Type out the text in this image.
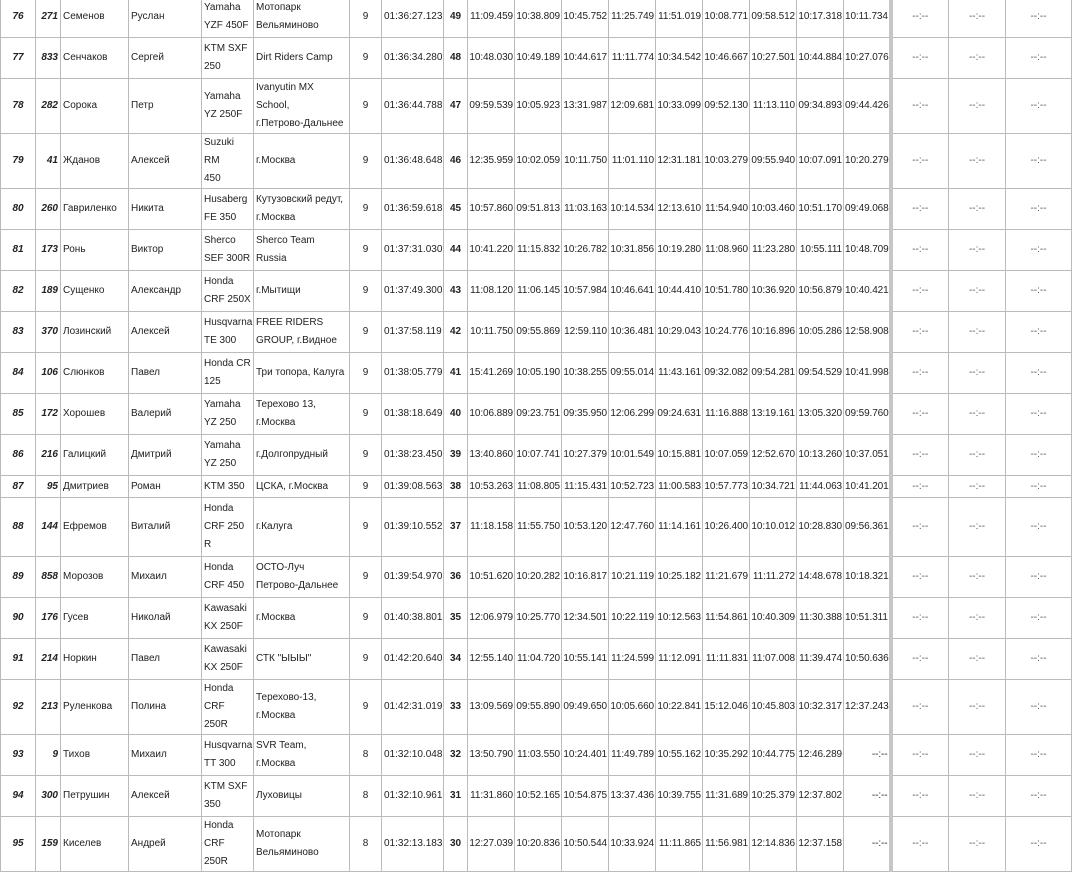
76	271	Семенов	Руслан	Yamaha
YZF 450F	Мотопарк
Вельяминово	9	01:36:27.123	49	11:09.459	10:38.809	10:45.752	11:25.749	11:51.019	10:08.771	09:58.512	10:17.318	10:11.734	--:--	--:--	--:--
77	833	Сенчаков	Сергей	KTM SXF
250	Dirt Riders Camp	9	01:36:34.280	48	10:48.030	10:49.189	10:44.617	11:11.774	10:34.542	10:46.667	10:27.501	10:44.884	10:27.076	--:--	--:--	--:--
78	282	Сорока	Петр	Yamaha
YZ 250F	Ivanyutin MX School,
г.Петрово-Дальнее	9	01:36:44.788	47	09:59.539	10:05.923	13:31.987	12:09.681	10:33.099	09:52.130	11:13.110	09:34.893	09:44.426	--:--	--:--	--:--
79	41	Жданов	Алексей	Suzuki RM
450	г.Москва	9	01:36:48.648	46	12:35.959	10:02.059	10:11.750	11:01.110	12:31.181	10:03.279	09:55.940	10:07.091	10:20.279	--:--	--:--	--:--
80	260	Гавриленко	Никита	Husaberg
FE 350	Кутузовский редут,
г.Москва	9	01:36:59.618	45	10:57.860	09:51.813	11:03.163	10:14.534	12:13.610	11:54.940	10:03.460	10:51.170	09:49.068	--:--	--:--	--:--
81	173	Ронь	Виктор	Sherco
SEF 300R	Sherco Team Russia	9	01:37:31.030	44	10:41.220	11:15.832	10:26.782	10:31.856	10:19.280	11:08.960	11:23.280	10:55.111	10:48.709	--:--	--:--	--:--
82	189	Сущенко	Александр	Honda
CRF 250X	г.Мытищи	9	01:37:49.300	43	11:08.120	11:06.145	10:57.984	10:46.641	10:44.410	10:51.780	10:36.920	10:56.879	10:40.421	--:--	--:--	--:--
83	370	Лозинский	Алексей	Husqvarna
TE 300	FREE RIDERS
GROUP, г.Видное	9	01:37:58.119	42	10:11.750	09:55.869	12:59.110	10:36.481	10:29.043	10:24.776	10:16.896	10:05.286	12:58.908	--:--	--:--	--:--
84	106	Слюнков	Павел	Honda CR
125	Три топора, Калуга	9	01:38:05.779	41	15:41.269	10:05.190	10:38.255	09:55.014	11:43.161	09:32.082	09:54.281	09:54.529	10:41.998	--:--	--:--	--:--
85	172	Хорошев	Валерий	Yamaha
YZ 250	Терехово 13,
г.Москва	9	01:38:18.649	40	10:06.889	09:23.751	09:35.950	12:06.299	09:24.631	11:16.888	13:19.161	13:05.320	09:59.760	--:--	--:--	--:--
86	216	Галицкий	Дмитрий	Yamaha
YZ 250	г.Долгопрудный	9	01:38:23.450	39	13:40.860	10:07.741	10:27.379	10:01.549	10:15.881	10:07.059	12:52.670	10:13.260	10:37.051	--:--	--:--	--:--
87	95	Дмитриев	Роман	KTM 350	ЦСКА, г.Москва	9	01:39:08.563	38	10:53.263	11:08.805	11:15.431	10:52.723	11:00.583	10:57.773	10:34.721	11:44.063	10:41.201	--:--	--:--	--:--
88	144	Ефремов	Виталий	Honda
CRF 250
R	г.Калуга	9	01:39:10.552	37	11:18.158	11:55.750	10:53.120	12:47.760	11:14.161	10:26.400	10:10.012	10:28.830	09:56.361	--:--	--:--	--:--
89	858	Морозов	Михаил	Honda
CRF 450	ОСТО-Луч
Петрово-Дальнее	9	01:39:54.970	36	10:51.620	10:20.282	10:16.817	10:21.119	10:25.182	11:21.679	11:11.272	14:48.678	10:18.321	--:--	--:--	--:--
90	176	Гусев	Николай	Kawasaki
KX 250F	г.Москва	9	01:40:38.801	35	12:06.979	10:25.770	12:34.501	10:22.119	10:12.563	11:54.861	10:40.309	11:30.388	10:51.311	--:--	--:--	--:--
91	214	Норкин	Павел	Kawasaki
KX 250F	СТК "ЫЫЫ"	9	01:42:20.640	34	12:55.140	11:04.720	10:55.141	11:24.599	11:12.091	11:11.831	11:07.008	11:39.474	10:50.636	--:--	--:--	--:--
92	213	Руленкова	Полина	Honda
CRF 250R	Терехово-13,
г.Москва	9	01:42:31.019	33	13:09.569	09:55.890	09:49.650	10:05.660	10:22.841	15:12.046	10:45.803	10:32.317	12:37.243	--:--	--:--	--:--
93	9	Тихов	Михаил	Husqvarna
TT 300	SVR Team, г.Москва	8	01:32:10.048	32	13:50.790	11:03.550	10:24.401	11:49.789	10:55.162	10:35.292	10:44.775	12:46.289	--:--	--:--	--:--	--:--
94	300	Петрушин	Алексей	KTM SXF
350	Луховицы	8	01:32:10.961	31	11:31.860	10:52.165	10:54.875	13:37.436	10:39.755	11:31.689	10:25.379	12:37.802	--:--	--:--	--:--	--:--
95	159	Киселев	Андрей	Honda
CRF 250R	Мотопарк
Вельяминово	8	01:32:13.183	30	12:27.039	10:20.836	10:50.544	10:33.924	11:11.865	11:56.981	12:14.836	12:37.158	--:--	--:--	--:--	--:--
